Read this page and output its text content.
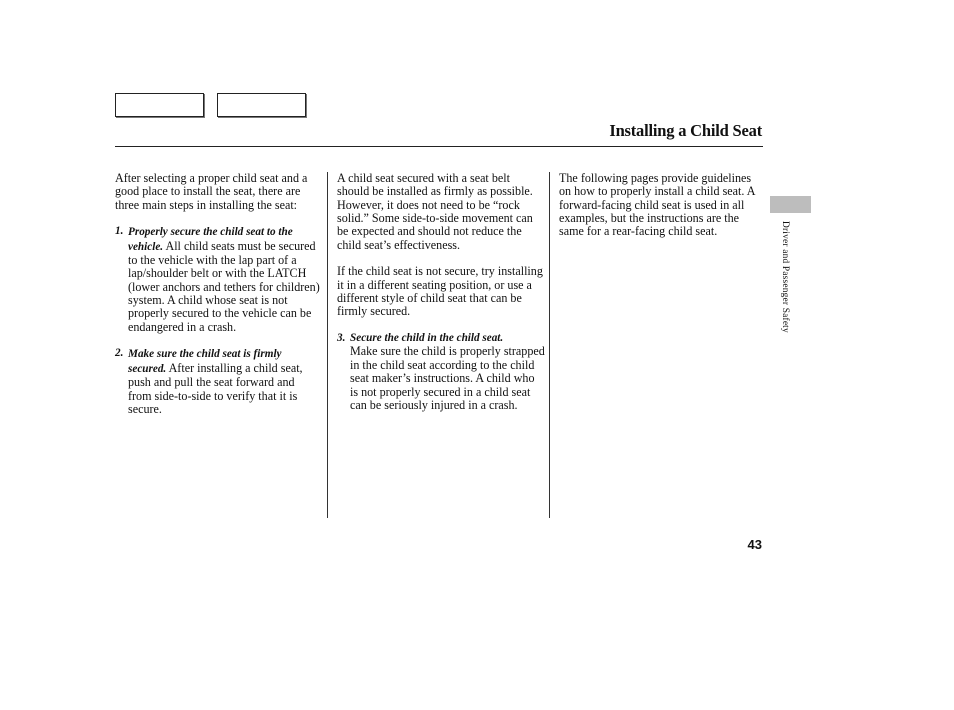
Installing a Child Seat

After selecting a proper child seat and a good place to install the seat, there are three main steps in installing the seat:

1. Properly secure the child seat to the vehicle. All child seats must be secured to the vehicle with the lap part of a lap/shoulder belt or with the LATCH (lower anchors and tethers for children) system. A child whose seat is not properly secured to the vehicle can be endangered in a crash.
2. Make sure the child seat is firmly secured. After installing a child seat, push and pull the seat forward and from side-to-side to verify that it is secure.

A child seat secured with a seat belt should be installed as firmly as possible. However, it does not need to be “rock solid.” Some side-to-side movement can be expected and should not reduce the child seat’s effectiveness.

If the child seat is not secure, try installing it in a different seating position, or use a different style of child seat that can be firmly secured.

3. Secure the child in the child seat.
Make sure the child is properly strapped in the child seat according to the child seat maker’s instructions. A child who is not properly secured in a child seat can be seriously injured in a crash.

The following pages provide guidelines on how to properly install a child seat. A forward-facing child seat is used in all examples, but the instructions are the same for a rear-facing child seat.	Driver and Passenger Safety
43
